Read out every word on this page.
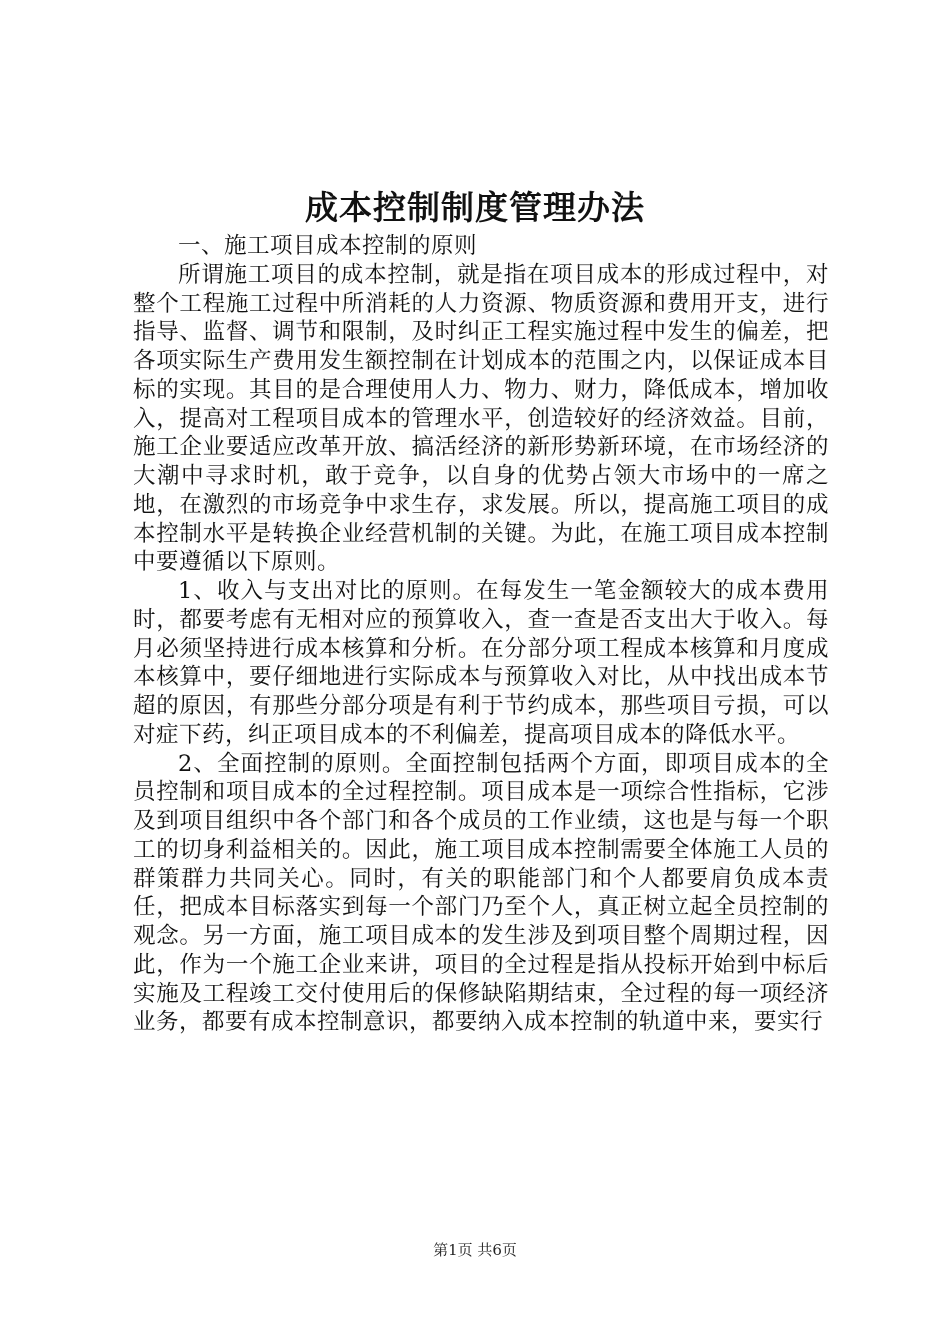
成本控制制度管理办法

一、施工项目成本控制的原则

所谓施工项目的成本控制，就是指在项目成本的形成过程中，对整个工程施工过程中所消耗的人力资源、物质资源和费用开支，进行指导、监督、调节和限制，及时纠正工程实施过程中发生的偏差，把各项实际生产费用发生额控制在计划成本的范围之内，以保证成本目标的实现。其目的是合理使用人力、物力、财力，降低成本，增加收入，提高对工程项目成本的管理水平，创造较好的经济效益。目前，施工企业要适应改革开放、搞活经济的新形势新环境，在市场经济的大潮中寻求时机，敢于竞争，以自身的优势占领大市场中的一席之地，在激烈的市场竞争中求生存，求发展。所以，提高施工项目的成本控制水平是转换企业经营机制的关键。为此，在施工项目成本控制中要遵循以下原则。

1、收入与支出对比的原则。在每发生一笔金额较大的成本费用时，都要考虑有无相对应的预算收入，查一查是否支出大于收入。每月必须坚持进行成本核算和分析。在分部分项工程成本核算和月度成本核算中，要仔细地进行实际成本与预算收入对比，从中找出成本节超的原因，有那些分部分项是有利于节约成本，那些项目亏损，可以对症下药，纠正项目成本的不利偏差，提高项目成本的降低水平。

2、全面控制的原则。全面控制包括两个方面，即项目成本的全员控制和项目成本的全过程控制。项目成本是一项综合性指标，它涉及到项目组织中各个部门和各个成员的工作业绩，这也是与每一个职工的切身利益相关的。因此，施工项目成本控制需要全体施工人员的群策群力共同关心。同时，有关的职能部门和个人都要肩负成本责任，把成本目标落实到每一个部门乃至个人，真正树立起全员控制的观念。另一方面，施工项目成本的发生涉及到项目整个周期过程，因此，作为一个施工企业来讲，项目的全过程是指从投标开始到中标后实施及工程竣工交付使用后的保修缺陷期结束，全过程的每一项经济业务，都要有成本控制意识，都要纳入成本控制的轨道中来，要实行

第1页 共6页
